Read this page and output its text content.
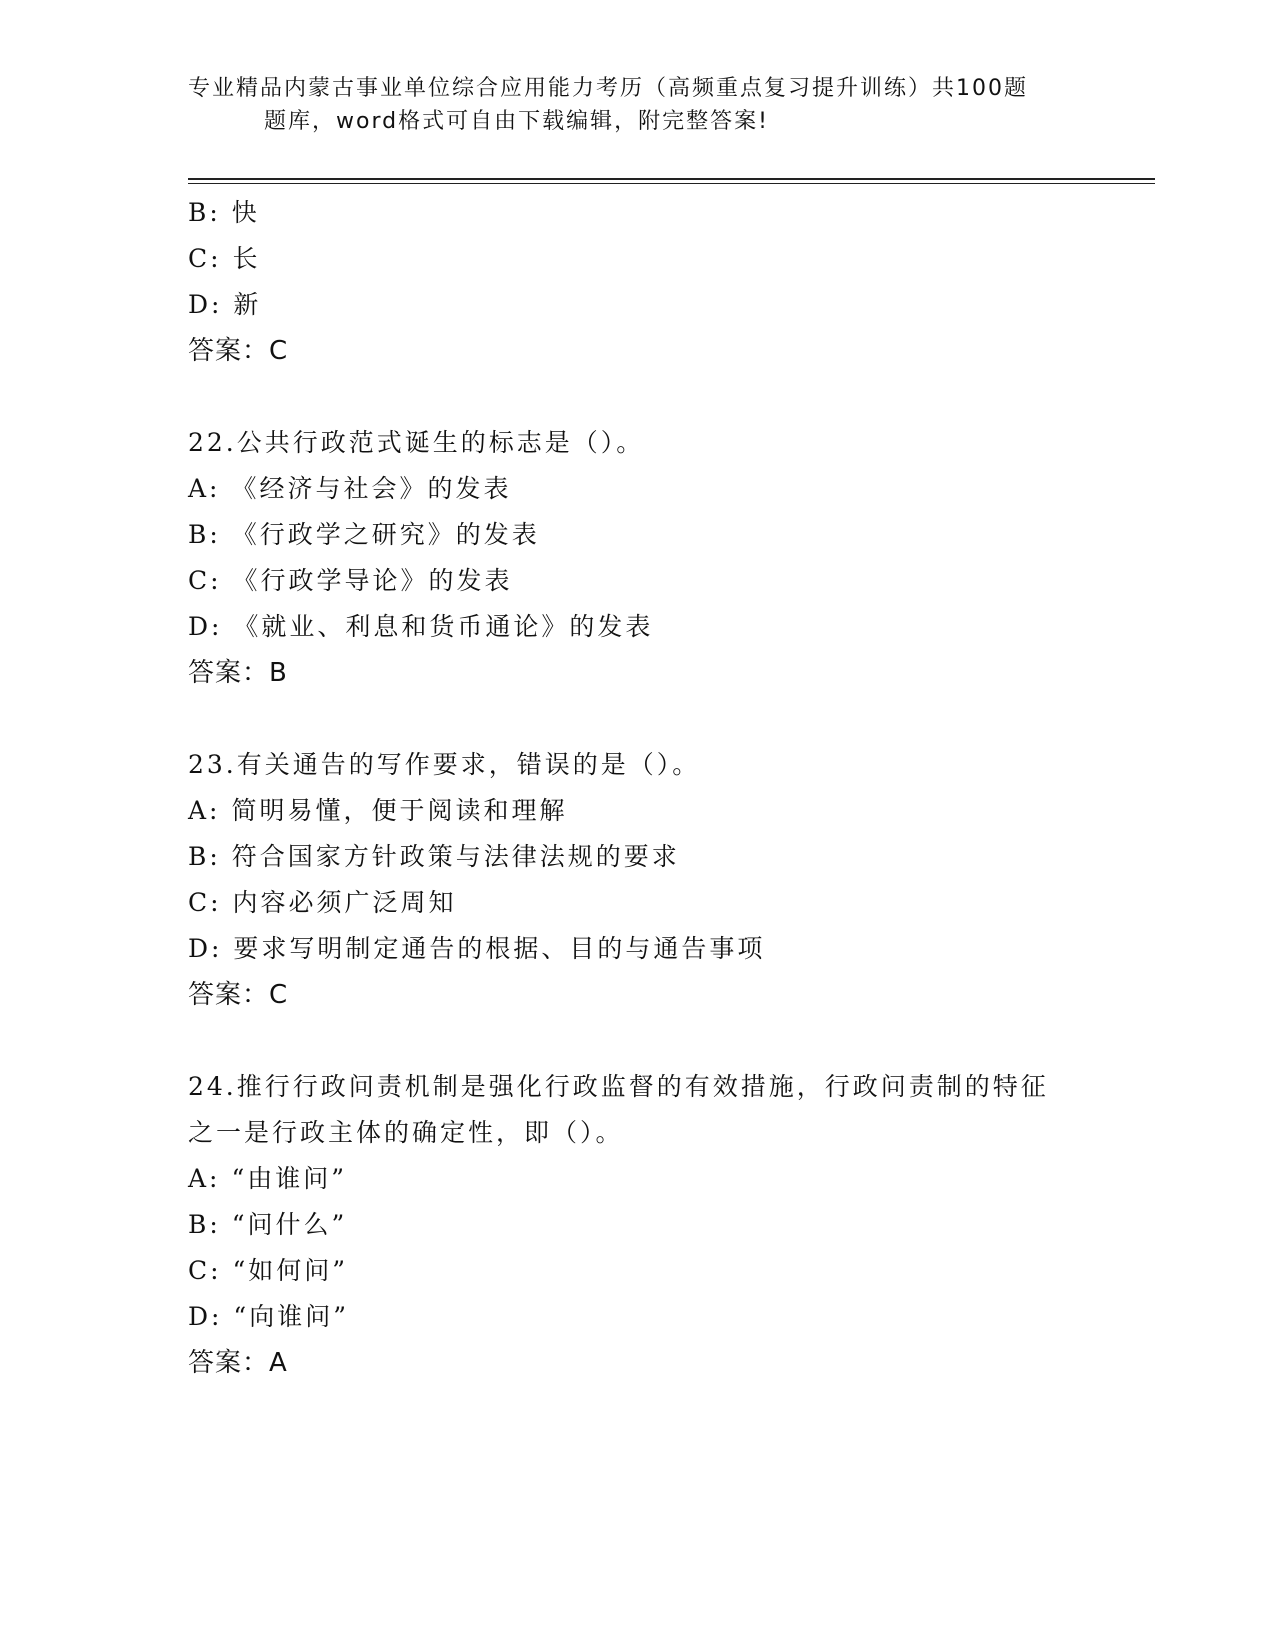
专业精品内蒙古事业单位综合应用能力考历（高频重点复习提升训练）共100题
题库，word格式可自由下载编辑，附完整答案!
B: 快
C: 长
D: 新
答案：C
22.公共行政范式诞生的标志是（）。
A: 《经济与社会》的发表
B: 《行政学之研究》的发表
C: 《行政学导论》的发表
D: 《就业、利息和货币通论》的发表
答案：B
23.有关通告的写作要求，错误的是（）。
A: 简明易懂，便于阅读和理解
B: 符合国家方针政策与法律法规的要求
C: 内容必须广泛周知
D: 要求写明制定通告的根据、目的与通告事项
答案：C
24.推行行政问责机制是强化行政监督的有效措施，行政问责制的特征
之一是行政主体的确定性，即（）。
A: “由谁问”
B: “问什么”
C: “如何问”
D: “向谁问”
答案：A
